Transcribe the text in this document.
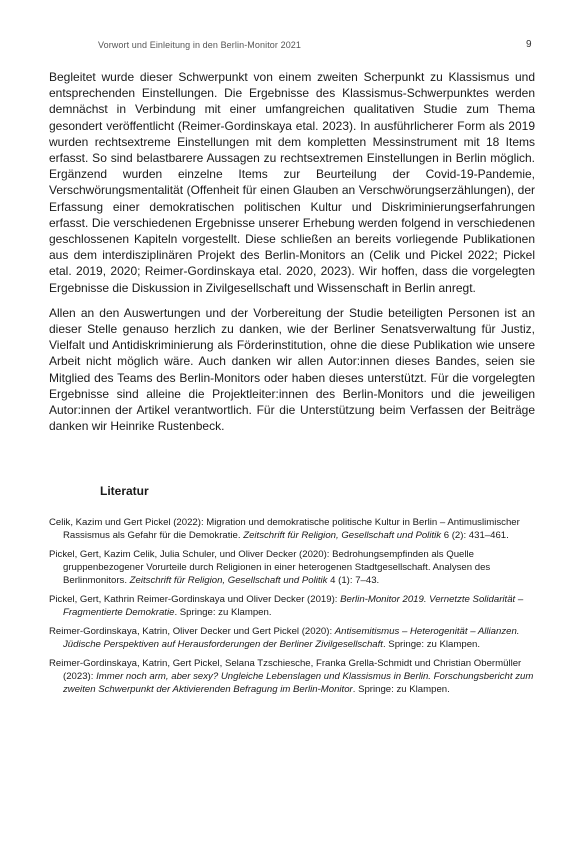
Vorwort und Einleitung in den Berlin-Monitor 2021	9

Begleitet wurde dieser Schwerpunkt von einem zweiten Scherpunkt zu Klassismus und entsprechenden Einstellungen. Die Ergebnisse des Klassismus-Schwerpunktes werden demnächst in Verbindung mit einer umfangreichen qualitativen Studie zum Thema gesondert veröffentlicht (Reimer-Gordinskaya etal. 2023). In ausführlicherer Form als 2019 wurden rechtsextreme Einstellungen mit dem kompletten Messinstrument mit 18 Items erfasst. So sind belastbarere Aussagen zu rechtsextremen Einstellungen in Berlin möglich. Ergänzend wurden einzelne Items zur Beurteilung der Covid-19-Pandemie, Verschwörungsmentalität (Offenheit für einen Glauben an Verschwörungserzählungen), der Erfassung einer demokratischen politischen Kultur und Diskriminierungserfahrungen erfasst. Die verschiedenen Ergebnisse unserer Erhebung werden folgend in verschiedenen geschlossenen Kapiteln vorgestellt. Diese schließen an bereits vorliegende Publikationen aus dem interdisziplinären Projekt des Berlin-Monitors an (Celik und Pickel 2022; Pickel etal. 2019, 2020; Reimer-Gordinskaya etal. 2020, 2023). Wir hoffen, dass die vorgelegten Ergebnisse die Diskussion in Zivilgesellschaft und Wissenschaft in Berlin anregt.

Allen an den Auswertungen und der Vorbereitung der Studie beteiligten Personen ist an dieser Stelle genauso herzlich zu danken, wie der Berliner Senatsverwaltung für Justiz, Vielfalt und Antidiskriminierung als Förderinstitution, ohne die diese Publikation wie unsere Arbeit nicht möglich wäre. Auch danken wir allen Autor:innen dieses Bandes, seien sie Mitglied des Teams des Berlin-Monitors oder haben dieses unterstützt. Für die vorgelegten Ergebnisse sind alleine die Projektleiter:innen des Berlin-Monitors und die jeweiligen Autor:innen der Artikel verantwortlich. Für die Unterstützung beim Verfassen der Beiträge danken wir Heinrike Rustenbeck.

Literatur
Celik, Kazim und Gert Pickel (2022): Migration und demokratische politische Kultur in Berlin – Antimuslimischer Rassismus als Gefahr für die Demokratie. Zeitschrift für Religion, Gesellschaft und Politik 6 (2): 431–461.
Pickel, Gert, Kazim Celik, Julia Schuler, und Oliver Decker (2020): Bedrohungsempfinden als Quelle gruppenbezogener Vorurteile durch Religionen in einer heterogenen Stadtgesellschaft. Analysen des Berlinmonitors. Zeitschrift für Religion, Gesellschaft und Politik 4 (1): 7–43.
Pickel, Gert, Kathrin Reimer-Gordinskaya und Oliver Decker (2019): Berlin-Monitor 2019. Vernetzte Solidarität – Fragmentierte Demokratie. Springe: zu Klampen.
Reimer-Gordinskaya, Katrin, Oliver Decker und Gert Pickel (2020): Antisemitismus – Heterogenität – Allianzen. Jüdische Perspektiven auf Herausforderungen der Berliner Zivilgesellschaft. Springe: zu Klampen.
Reimer-Gordinskaya, Katrin, Gert Pickel, Selana Tzschiesche, Franka Grella-Schmidt und Christian Obermüller (2023): Immer noch arm, aber sexy? Ungleiche Lebenslagen und Klassismus in Berlin. Forschungsbericht zum zweiten Schwerpunkt der Aktivierenden Befragung im Berlin-Monitor. Springe: zu Klampen.
